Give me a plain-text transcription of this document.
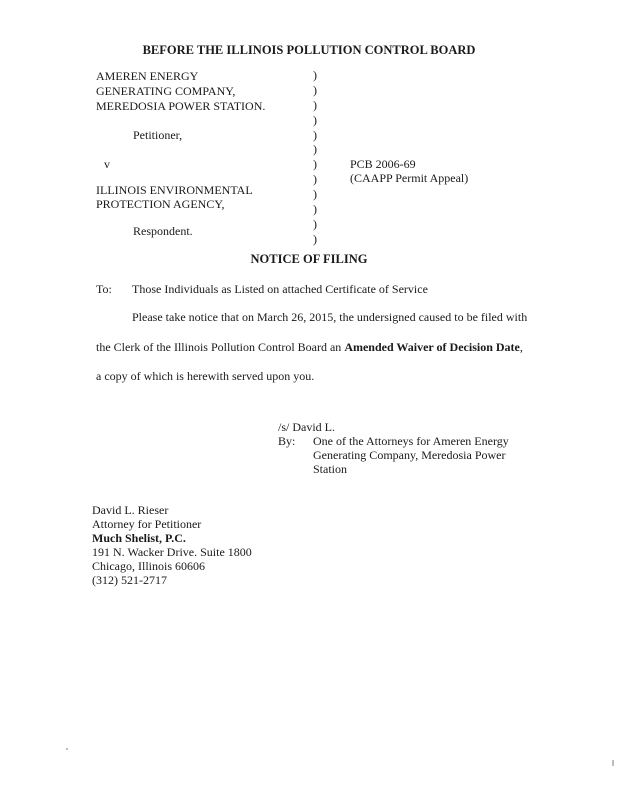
BEFORE THE ILLINOIS POLLUTION CONTROL BOARD
AMEREN ENERGY
GENERATING COMPANY,
MEREDOSIA POWER STATION.
Petitioner,
v
ILLINOIS ENVIRONMENTAL
PROTECTION AGENCY,
Respondent.
)
)
)
)
)
)
)
)
)
)
)
)
PCB 2006-69
(CAAPP Permit Appeal)
NOTICE OF FILING
To: Those Individuals as Listed on attached Certificate of Service
Please take notice that on March 26, 2015, the undersigned caused to be filed with
the Clerk of the Illinois Pollution Control Board an Amended Waiver of Decision Date,
a copy of which is herewith served upon you.
/s/ David L.
By: One of the Attorneys for Ameren Energy
Generating Company, Meredosia Power
Station
David L. Rieser
Attorney for Petitioner
Much Shelist, P.C.
191 N. Wacker Drive. Suite 1800
Chicago, Illinois 60606
(312) 521-2717
